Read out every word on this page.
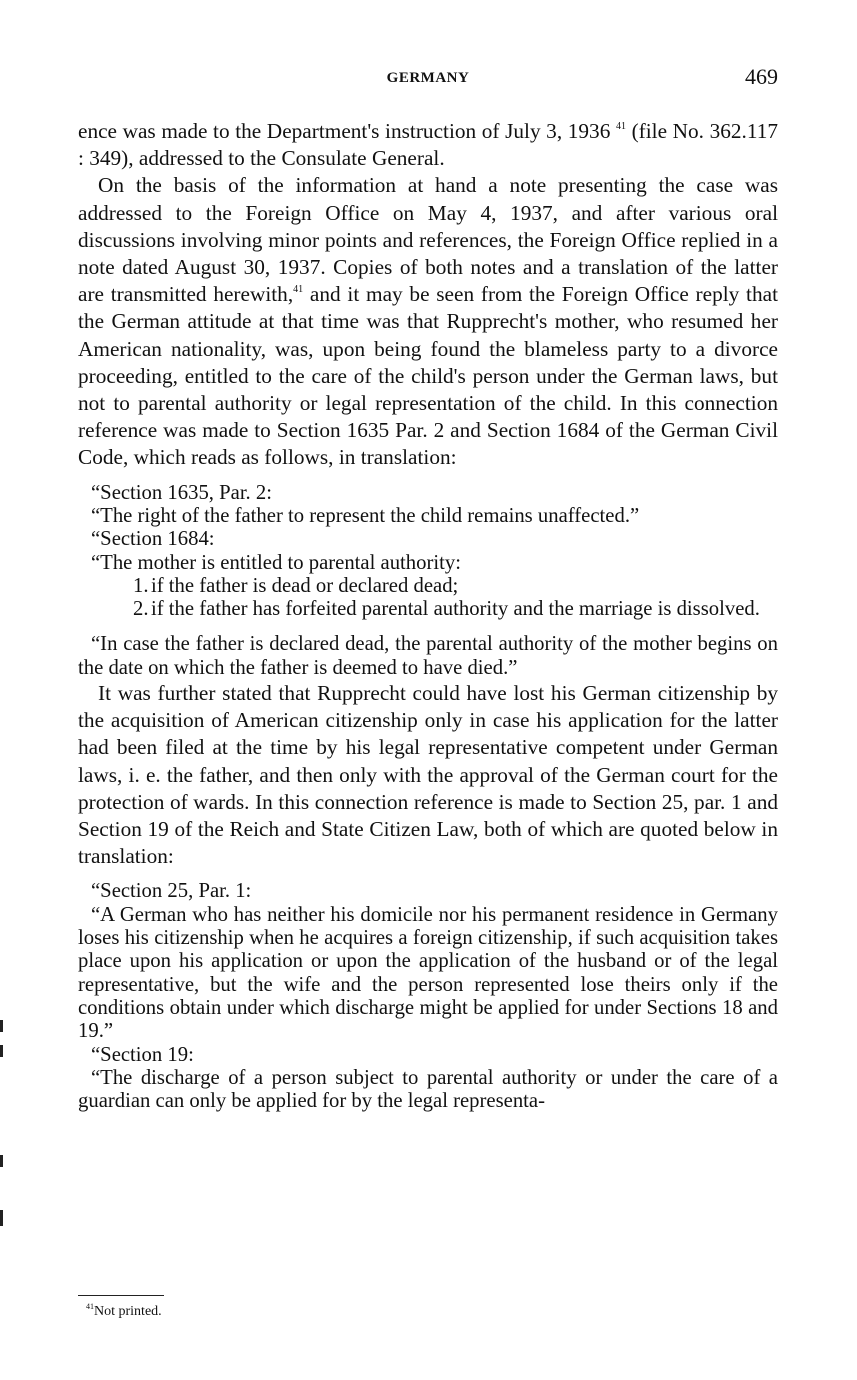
GERMANY	469

ence was made to the Department's instruction of July 3, 1936 $^{41}$ (file No. 362.117 : 349), addressed to the Consulate General.

On the basis of the information at hand a note presenting the case was addressed to the Foreign Office on May 4, 1937, and after various oral discussions involving minor points and references, the Foreign Office replied in a note dated August 30, 1937. Copies of both notes and a translation of the latter are transmitted herewith,$^{41}$ and it may be seen from the Foreign Office reply that the German attitude at that time was that Rupprecht's mother, who resumed her American nationality, was, upon being found the blameless party to a divorce proceeding, entitled to the care of the child's person under the German laws, but not to parental authority or legal representation of the child. In this connection reference was made to Section 1635 Par. 2 and Section 1684 of the German Civil Code, which reads as follows, in translation:

“Section 1635, Par. 2:

“The right of the father to represent the child remains unaffected.”

“Section 1684:

“The mother is entitled to parental authority:

1. if the father is dead or declared dead;
2. if the father has forfeited parental authority and the marriage is dissolved.

“In case the father is declared dead, the parental authority of the mother begins on the date on which the father is deemed to have died.”

It was further stated that Rupprecht could have lost his German citizenship by the acquisition of American citizenship only in case his application for the latter had been filed at the time by his legal representative competent under German laws, i. e. the father, and then only with the approval of the German court for the protection of wards. In this connection reference is made to Section 25, par. 1 and Section 19 of the Reich and State Citizen Law, both of which are quoted below in translation:

“Section 25, Par. 1:

“A German who has neither his domicile nor his permanent residence in Germany loses his citizenship when he acquires a foreign citizenship, if such acquisition takes place upon his application or upon the application of the husband or of the legal representative, but the wife and the person represented lose theirs only if the conditions obtain under which discharge might be applied for under Sections 18 and 19.”

“Section 19:

“The discharge of a person subject to parental authority or under the care of a guardian can only be applied for by the legal representa-

$^{41}$Not printed.
